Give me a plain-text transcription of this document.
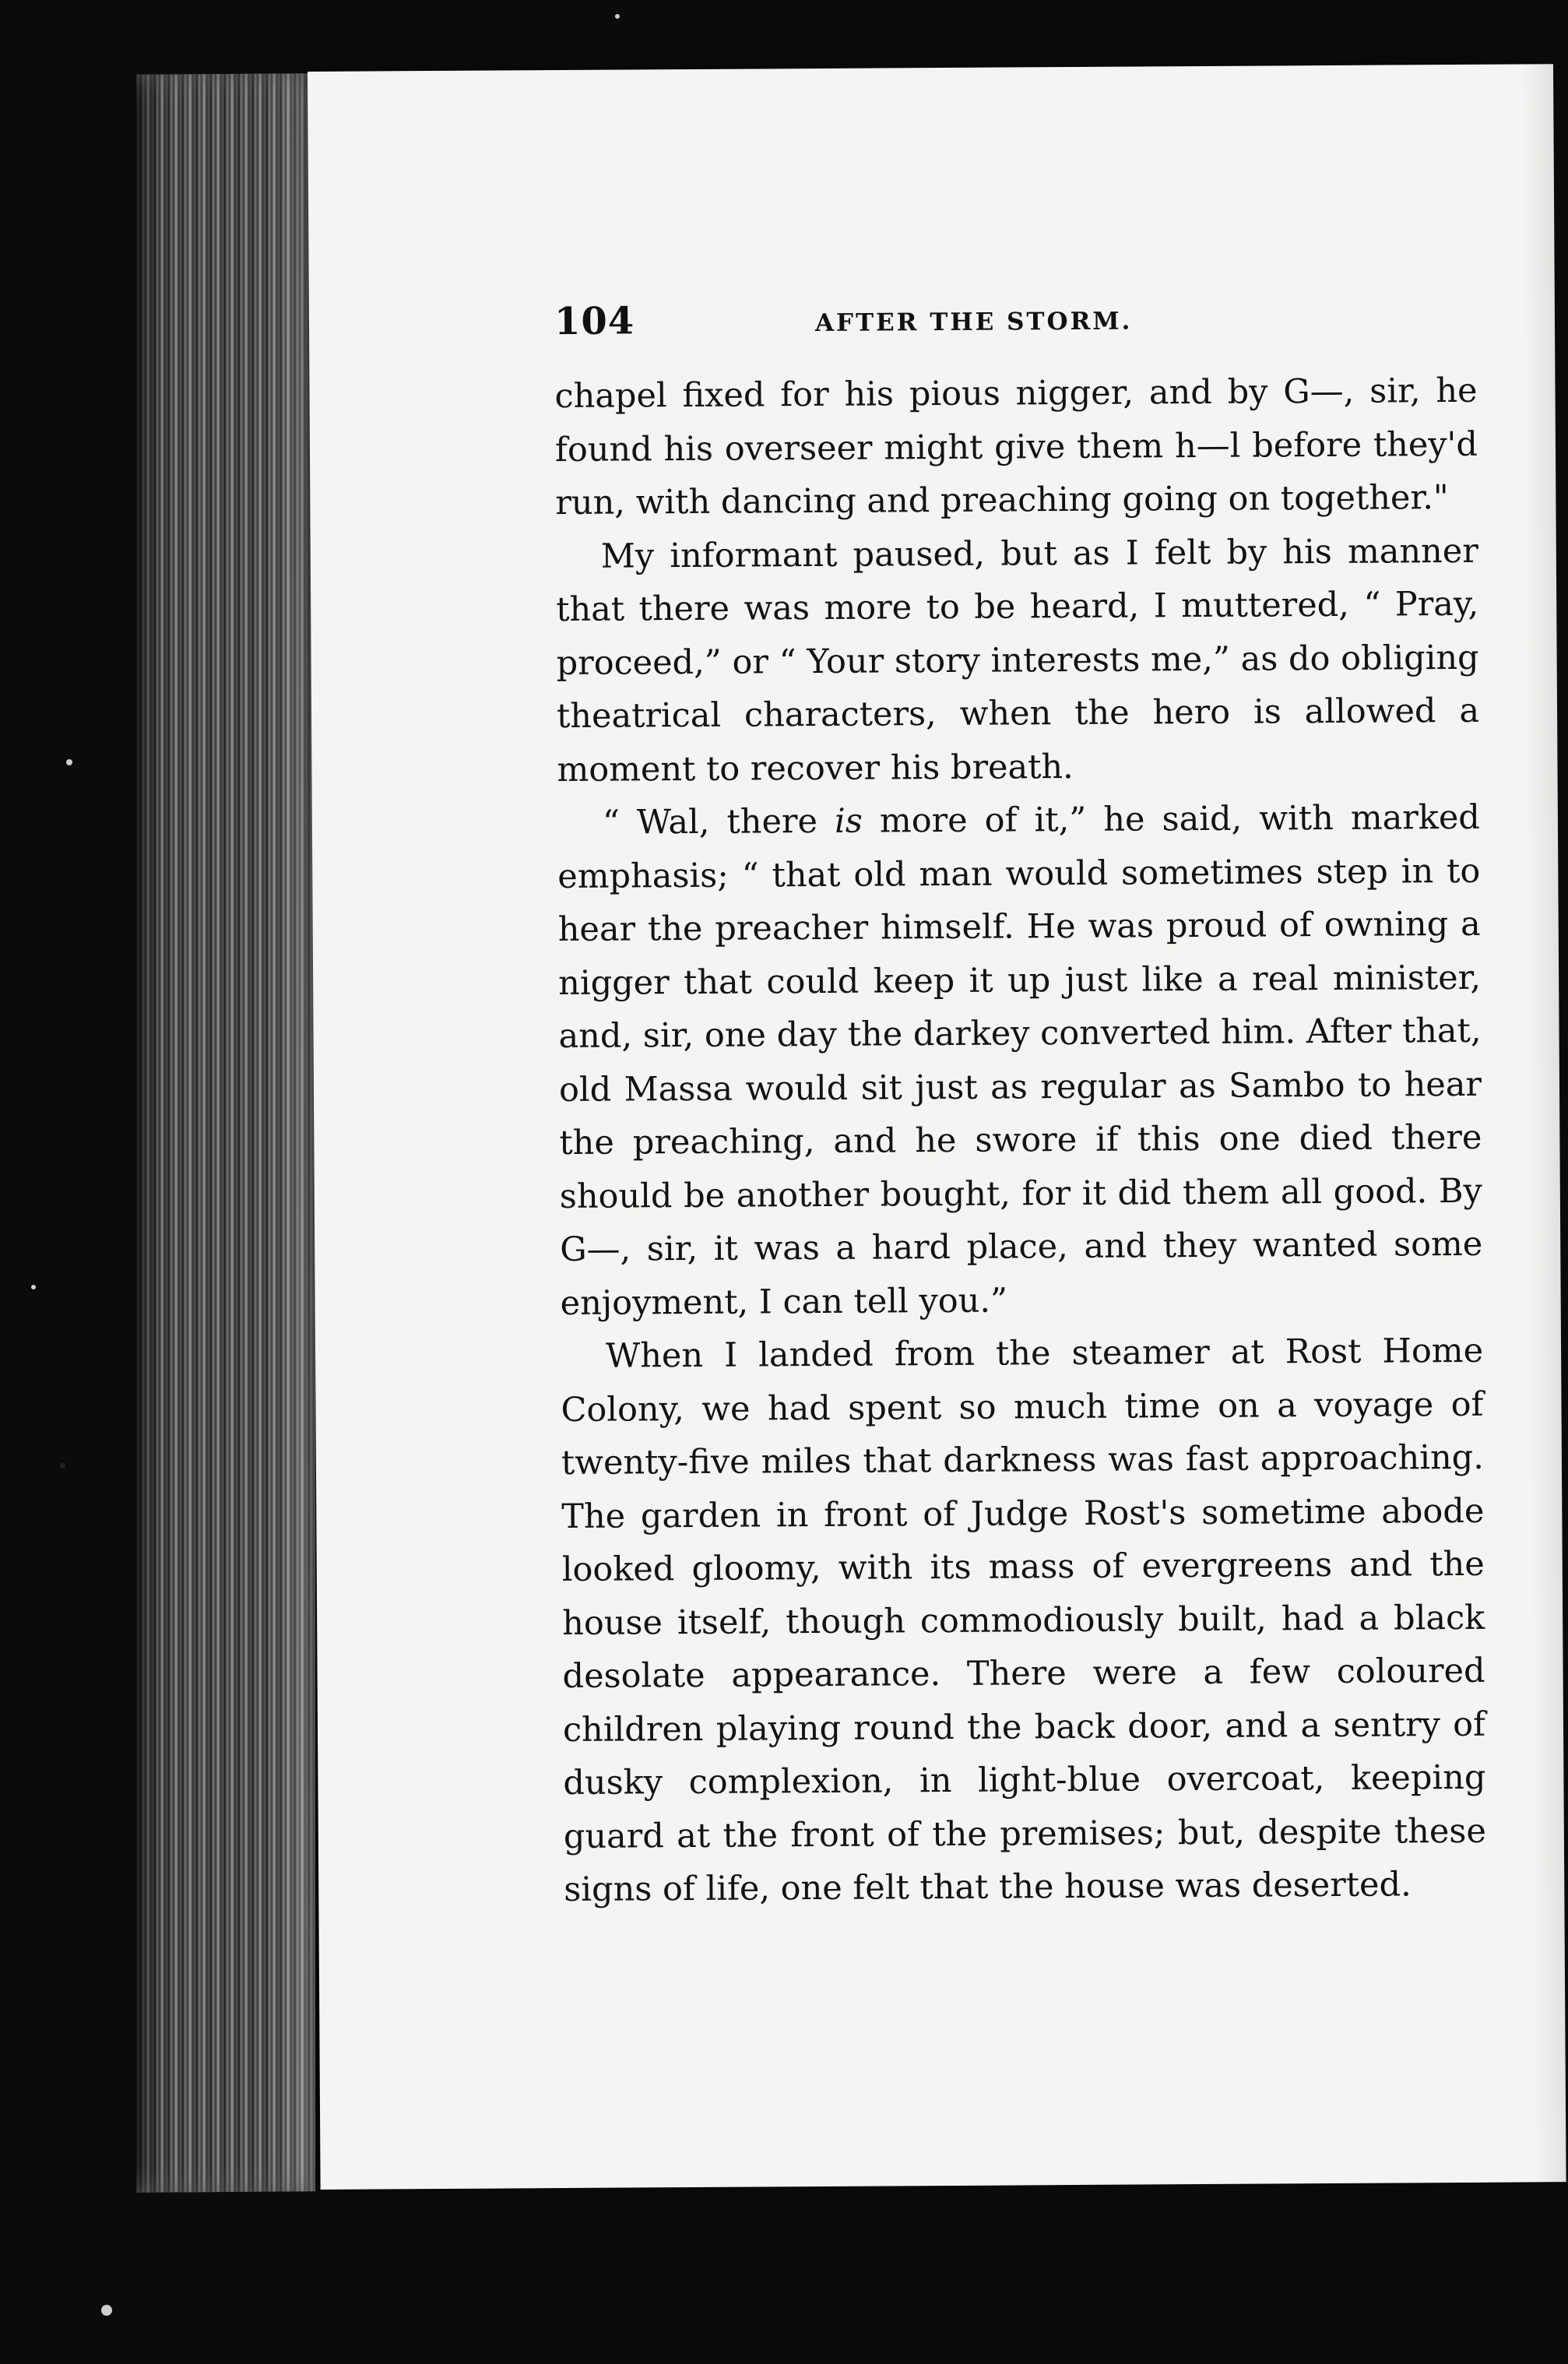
104	AFTER THE STORM.

chapel fixed for his pious nigger, and by G—, sir, he found his overseer might give them h—l before they'd run, with dancing and preaching going on together."

My informant paused, but as I felt by his manner that there was more to be heard, I muttered, “ Pray, proceed,” or “ Your story interests me,” as do obliging theatrical characters, when the hero is allowed a moment to recover his breath.

“ Wal, there is more of it,” he said, with marked emphasis; “ that old man would sometimes step in to hear the preacher himself. He was proud of owning a nigger that could keep it up just like a real minister, and, sir, one day the darkey converted him. After that, old Massa would sit just as regular as Sambo to hear the preaching, and he swore if this one died there should be another bought, for it did them all good. By G—, sir, it was a hard place, and they wanted some enjoyment, I can tell you.”

When I landed from the steamer at Rost Home Colony, we had spent so much time on a voyage of twenty-five miles that darkness was fast approaching. The garden in front of Judge Rost's sometime abode looked gloomy, with its mass of evergreens and the house itself, though commodiously built, had a black desolate appearance. There were a few coloured children playing round the back door, and a sentry of dusky complexion, in light-blue overcoat, keeping guard at the front of the premises; but, despite these signs of life, one felt that the house was deserted.
